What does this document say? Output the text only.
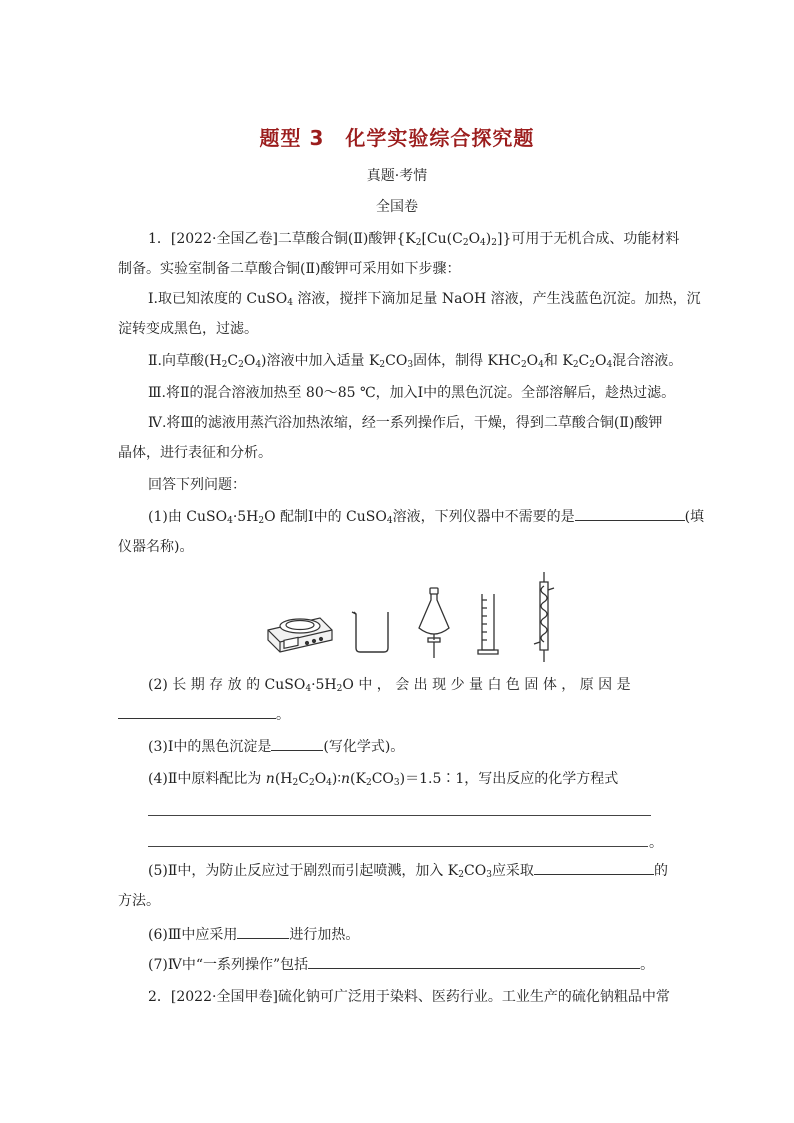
题型 3　化学实验综合探究题
真题·考情
全国卷
1．[2022·全国乙卷]二草酸合铜(Ⅱ)酸钾$\{K_2[Cu(C_2O_4)_2]\}$可用于无机合成、功能材料
制备。实验室制备二草酸合铜(Ⅱ)酸钾可采用如下步骤：
Ⅰ.取已知浓度的 CuSO$_4$ 溶液，搅拌下滴加足量 NaOH 溶液，产生浅蓝色沉淀。加热，沉
淀转变成黑色，过滤。
Ⅱ.向草酸$(H_2C_2O_4)$溶液中加入适量 $K_2CO_3$固体，制得 $KHC_2O_4$和 $K_2C_2O_4$混合溶液。
Ⅲ.将Ⅱ的混合溶液加热至 80～85 ℃，加入Ⅰ中的黑色沉淀。全部溶解后，趁热过滤。
Ⅳ.将Ⅲ的滤液用蒸汽浴加热浓缩，经一系列操作后，干燥，得到二草酸合铜(Ⅱ)酸钾
晶体，进行表征和分析。
回答下列问题：
(1)由 $CuSO_4\cdot 5H_2O$ 配制Ⅰ中的 CuSO$_4$溶液，下列仪器中不需要的是	(填
仪器名称)。
(2) 长 期 存 放 的 $CuSO_4\cdot 5H_2O$ 中 ， 会 出 现 少 量 白 色 固 体 ， 原 因 是
。
(3)Ⅰ中的黑色沉淀是	(写化学式)。
(4)Ⅱ中原料配比为 $n(H_2C_2O_4)∶n(K_2CO_3)=1.5∶1$，写出反应的化学方程式
。
(5)Ⅱ中，为防止反应过于剧烈而引起喷溅，加入 $K_2CO_3$应采取	的
方法。
(6)Ⅲ中应采用	进行加热。
(7)Ⅳ中“一系列操作”包括	。
2．[2022·全国甲卷]硫化钠可广泛用于染料、医药行业。工业生产的硫化钠粗品中常
